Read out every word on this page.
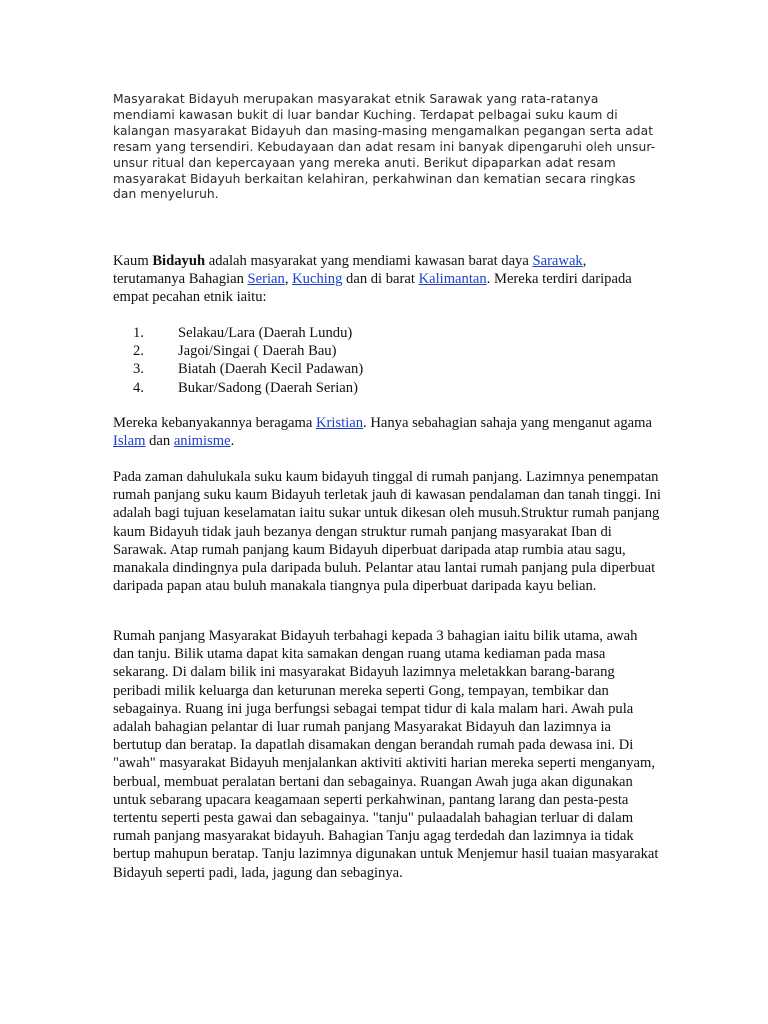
Masyarakat Bidayuh merupakan masyarakat etnik Sarawak yang rata-ratanya mendiami kawasan bukit di luar bandar Kuching. Terdapat pelbagai suku kaum di kalangan masyarakat Bidayuh dan masing-masing mengamalkan pegangan serta adat resam yang tersendiri. Kebudayaan dan adat resam ini banyak dipengaruhi oleh unsur-unsur ritual dan kepercayaan yang mereka anuti. Berikut dipaparkan adat resam masyarakat Bidayuh berkaitan kelahiran, perkahwinan dan kematian secara ringkas dan menyeluruh.

Kaum Bidayuh adalah masyarakat yang mendiami kawasan barat daya Sarawak, terutamanya Bahagian Serian, Kuching dan di barat Kalimantan. Mereka terdiri daripada empat pecahan etnik iaitu:

1.	Selakau/Lara (Daerah Lundu)
2.	Jagoi/Singai ( Daerah Bau)
3.	Biatah (Daerah Kecil Padawan)
4.	Bukar/Sadong (Daerah Serian)

Mereka kebanyakannya beragama Kristian. Hanya sebahagian sahaja yang menganut agama Islam dan animisme.

Pada zaman dahulukala suku kaum bidayuh tinggal di rumah panjang. Lazimnya penempatan rumah panjang suku kaum Bidayuh terletak jauh di kawasan pendalaman dan tanah tinggi. Ini adalah bagi tujuan keselamatan iaitu sukar untuk dikesan oleh musuh.Struktur rumah panjang kaum Bidayuh tidak jauh bezanya dengan struktur rumah panjang masyarakat Iban di Sarawak. Atap rumah panjang kaum Bidayuh diperbuat daripada atap rumbia atau sagu, manakala dindingnya pula daripada buluh. Pelantar atau lantai rumah panjang pula diperbuat daripada papan atau buluh manakala tiangnya pula diperbuat daripada kayu belian.

Rumah panjang Masyarakat Bidayuh terbahagi kepada 3 bahagian iaitu bilik utama, awah dan tanju. Bilik utama dapat kita samakan dengan ruang utama kediaman pada masa sekarang. Di dalam bilik ini masyarakat Bidayuh lazimnya meletakkan barang-barang peribadi milik keluarga dan keturunan mereka seperti Gong, tempayan, tembikar dan sebagainya. Ruang ini juga berfungsi sebagai tempat tidur di kala malam hari. Awah pula adalah bahagian pelantar di luar rumah panjang Masyarakat Bidayuh dan lazimnya ia bertutup dan beratap. Ia dapatlah disamakan dengan berandah rumah pada dewasa ini. Di "awah" masyarakat Bidayuh menjalankan aktiviti aktiviti harian mereka seperti menganyam, berbual, membuat peralatan bertani dan sebagainya. Ruangan Awah juga akan digunakan untuk sebarang upacara keagamaan seperti perkahwinan, pantang larang dan pesta-pesta tertentu seperti pesta gawai dan sebagainya. "tanju" pulaadalah bahagian terluar di dalam rumah panjang masyarakat bidayuh. Bahagian Tanju agag terdedah dan lazimnya ia tidak bertup mahupun beratap. Tanju lazimnya digunakan untuk Menjemur hasil tuaian masyarakat Bidayuh seperti padi, lada, jagung dan sebaginya.
